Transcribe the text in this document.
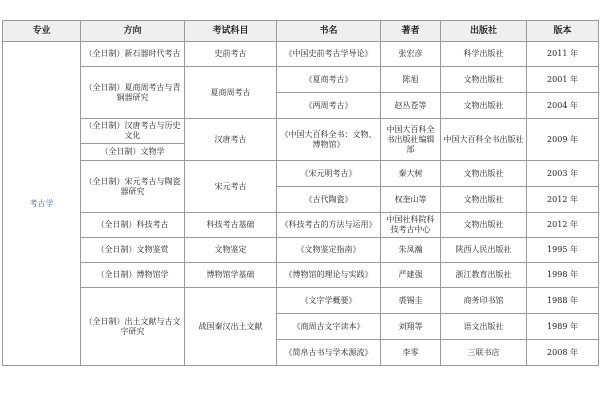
专业	方向	考试科目	书名	著者	出版社	版本
考古学	（全日制）新石器时代考古	史前考古	《中国史前考古学导论》	张宏彦	科学出版社	2011 年
	（全日制）夏商周考古与青铜器研究	夏商周考古	《夏商考古》	陈旭	文物出版社	2001 年
			《两周考古》	赵丛苍等	文物出版社	2004 年
	（全日制）汉唐考古与历史文化	汉唐考古	《中国大百科全书：文物、博物馆》	中国大百科全书出版社编辑部	中国大百科全书出版社	2009 年
	（全日制）文物学					
	（全日制）宋元考古与陶瓷器研究	宋元考古	《宋元明考古》	秦大树	文物出版社	2003 年
			《古代陶瓷》	权奎山等	文物出版社	2012 年
	（全日制）科技考古	科技考古基础	《科技考古的方法与运用》	中国社科院科技考古中心	文物出版社	2012 年
	（全日制）文物鉴赏	文物鉴定	《文物鉴定指南》	朱凤瀚	陕西人民出版社	1995 年
	（全日制）博物馆学	博物馆学基础	《博物馆的理论与实践》	严建强	浙江教育出版社	1998 年
	（全日制）出土文献与古文字研究	战国秦汉出土文献	《文字学概要》	裘锡圭	商务印书馆	1988 年
			《商周古文字读本》	刘翔等	语文出版社	1989 年
			《简帛古书与学术源流》	李零	三联书店	2008 年
